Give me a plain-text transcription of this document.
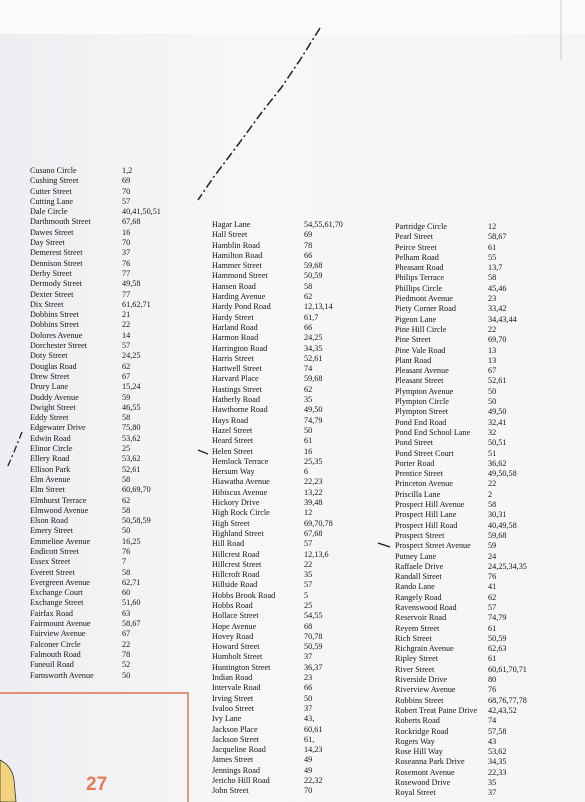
Cusano Circle	1,2
Cushing Street	69
Cutter Street	70
Cutting Lane	57
Dale Circle	40,41,50,51
Darthmouth Street	67,68
Dawes Street	16
Day Street	70
Demerest Street	37
Dennison Street	76
Derby Street	77
Dermody Street	49,58
Dexter Street	77
Dix Street	61,62,71
Dobbins Street	21
Dobbins Street	22
Dolores Avenue	14
Dorchester Street	57
Doty Street	24,25
Douglas Road	62
Drew Street	67
Drury Lane	15,24
Duddy Avenue	59
Dwight Street	46,55
Eddy Street	58
Edgewater Drive	75,80
Edwin Road	53,62
Elinor Circle	25
Ellery Road	53,62
Ellison Park	52,61
Elm Avenue	58
Elm Street	60,69,70
Elmhurst Terrace	62
Elmwood Avenue	58
Elson Road	50,58,59
Emery Street	50
Emmeline Avenue	16,25
Endicott Street	76
Essex Street	7
Everett Street	58
Evergreen Avenue	62,71
Exchange Court	60
Exchange Street	51,60
Fairfax Road	63
Fairmount Avenue	58,67
Fairview Avenue	67
Falconer Circle	22
Falmouth Road	78
Faneuil Road	52
Farnsworth Avenue	50
Hagar Lane	54,55,61,70
Hall Street	69
Hamblin Road	78
Hamilton Road	66
Hammer Street	59,68
Hammond Street	50,59
Hansen Road	58
Harding Avenue	62
Hardy Pond Road	12,13,14
Hardy Street	61,7
Harland Road	66
Harmon Road	24,25
Harrington Road	34,35
Harris Street	52,61
Hartwell Street	74
Harvard Place	59,68
Hastings Street	62
Hatherly Road	35
Hawthorne Road	49,50
Hays Road	74,79
Hazel Street	50
Heard Street	61
Helen Street	16
Hemlock Terrace	25,35
Hersum Way	6
Hiawatha Avenue	22,23
Hibiscus Avenue	13,22
Hickory Drive	39,48
High Rock Circle	12
High Street	69,70,78
Highland Street	67,68
Hill Road	57
Hillcrest Road	12,13,6
Hillcrest Street	22
Hillcroft Road	35
Hillside Road	57
Hobbs Brook Road	5
Hobbs Road	25
Hollace Street	54,55
Hope Avenue	68
Hovey Road	70,78
Howard Street	50,59
Humbolt Street	37
Huntington Street	36,37
Indian Road	23
Intervale Road	66
Irving Street	50
Ivaloo Street	37
Ivy Lane	43,
Jackson Place	60,61
Jackson Street	61,
Jacqueline Road	14,23
James Street	49
Jennings Road	49
Jericho Hill Road	22,32
John Street	70
Partridge Circle	12
Pearl Street	58,67
Peirce Street	61
Pelham Road	55
Pheasant Road	13,7
Philips Terrace	58
Phillips Circle	45,46
Piedmont Avenue	23
Piety Corner Road	33,42
Pigeon Lane	34,43,44
Pine Hill Circle	22
Pine Street	69,70
Pine Vale Road	13
Plant Road	13
Pleasant Avenue	67
Pleasant Street	52,61
Plympton Avenue	50
Plympton Circle	50
Plympton Street	49,50
Pond End Road	32,41
Pond End School Lane 32
Pond Street	50,51
Pond Street Court	51
Porter Road	36,62
Prentice Street	49,50,58
Princeton Avenue	22
Priscilla Lane	2
Prospect Hill Avenue	58
Prospect Hill Lane	30,31
Prospect Hill Road	40,49,58
Prospect Street	59,68
Prospect Street Avenue 59
Putney Lane	24
Raffaele Drive	24,25,34,35
Randall Street	76
Rando Lane	41
Rangely Road	62
Ravenswood Road	57
Reservoir Road	74,79
Reyem Street	61
Rich Street	50,59
Richgrain Avenue	62,63
Ripley Street	61
River Street	60,61,70,71
Riverside Drive	80
Riverview Avenue	76
Robbins Street	68,76,77,78
Robert Treat Paine Drive 42,43,52
Roberts Road	74
Rockridge Road	57,58
Rogers Way	43
Rose Hill Way	53,62
Roseanna Park Drive	34,35
Rosemont Avenue	22,33
Rosewood Drive	35
Royal Street	37
27
